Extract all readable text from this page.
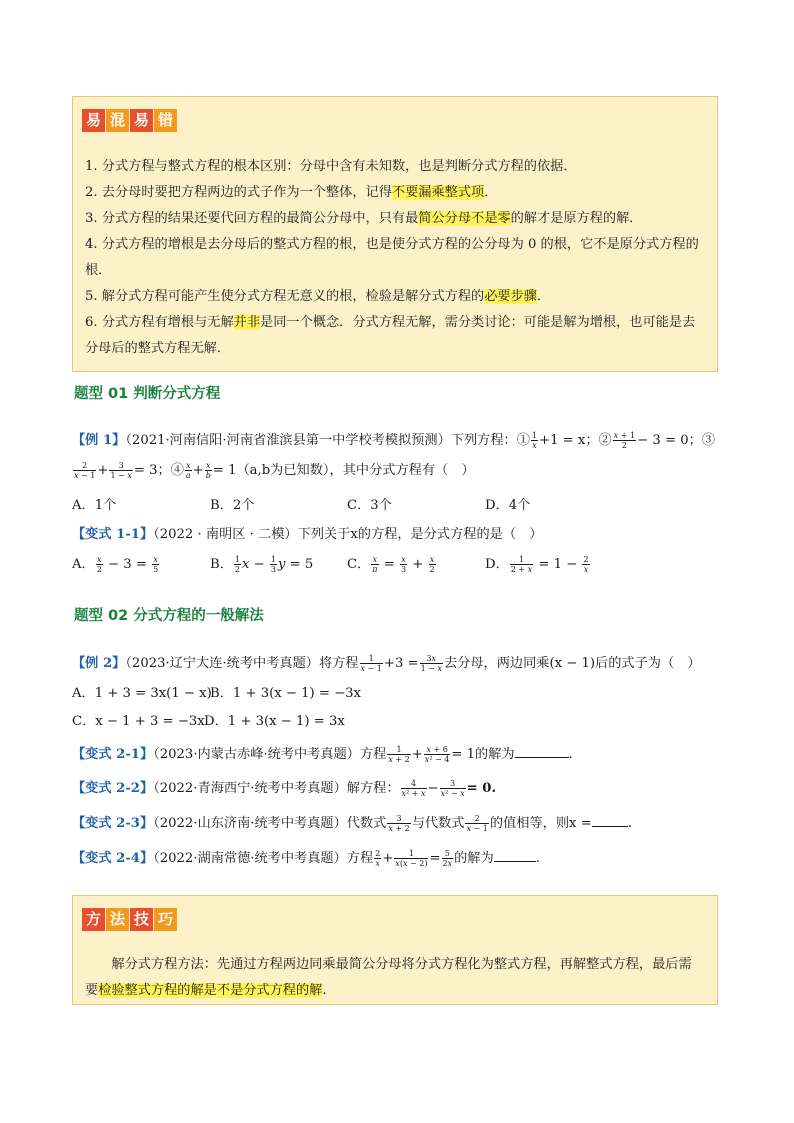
易 混 易 错
1. 分式方程与整式方程的根本区别：分母中含有未知数，也是判断分式方程的依据．
2. 去分母时要把方程两边的式子作为一个整体，记得不要漏乘整式项．
3. 分式方程的结果还要代回方程的最简公分母中，只有最简公分母不是零的解才是原方程的解．
4. 分式方程的增根是去分母后的整式方程的根，也是使分式方程的公分母为 0 的根，它不是原分式方程的根．
5. 解分式方程可能产生使分式方程无意义的根，检验是解分式方程的必要步骤．
6. 分式方程有增根与无解并非是同一个概念．分式方程无解，需分类讨论：可能是解为增根，也可能是去分母后的整式方程无解．
题型 01 判断分式方程
【例 1】（2021·河南信阳·河南省淮滨县第一中学校考模拟预测）下列方程：① $\frac{1}{x} +1 = x$；② $\frac{x + 1}{2} - 3 = 0$；③
$\frac{2}{x - 1} + \frac{3}{1 - x} = 3$；④ $\frac{x}{a} + \frac{x}{b} = 1(a,b$为已知数），其中分式方程有（　）
A．1个	B．2个	C．3个	D．4个
【变式 1-1】（2022 · 南明区 · 二模）下列关于x的方程，是分式方程的是（　）
A． $\frac{x}{2} - 3 = \frac{x}{5}$	B． $\frac{1}{2}$ $x - \frac{1}{3}$ y = 5	C． $\frac{x}{\pi} = \frac{x}{3} + \frac{x}{2}$	D． $\frac{1}{2 + x} = 1 - \frac{2}{x}$
题型 02 分式方程的一般解法
【例 2】（2023·辽宁大连·统考中考真题）将方程 $\frac{1}{x - 1} +3 = \frac{3x}{1 - x}$ 去分母，两边同乘(x − 1)后的式子为（　）
A．1 + 3 = 3x(1 − x)
B．1 + 3(x − 1) = −3x
C．x − 1 + 3 = −3x D．1 + 3(x − 1) = 3x
【变式 2-1】（2023·内蒙古赤峰·统考中考真题）方程 $\frac{1}{x + 2} + \frac{x + 6}{\text{x² − 4}} = 1$的解为	.
【变式 2-2】（2022·青海西宁·统考中考真题）解方程： $\frac{4}{\text{x² + x}} - \frac{3}{\text{x² − x}} = 0$.
【变式 2-3】（2022·山东济南·统考中考真题）代数式 $\frac{3}{x + 2}$ 与代数式 $\frac{2}{x - 1}$ 的值相等，则x =	.
【变式 2-4】（2022·湖南常德·统考中考真题）方程 $\frac{2}{x} + \frac{1}{x(x - 2)} = \frac{5}{2x}$ 的解为	.
方 法 技 巧
解分式方程方法：先通过方程两边同乘最简公分母将分式方程化为整式方程，再解整式方程，最后需要检验整式方程的解是不是分式方程的解.
